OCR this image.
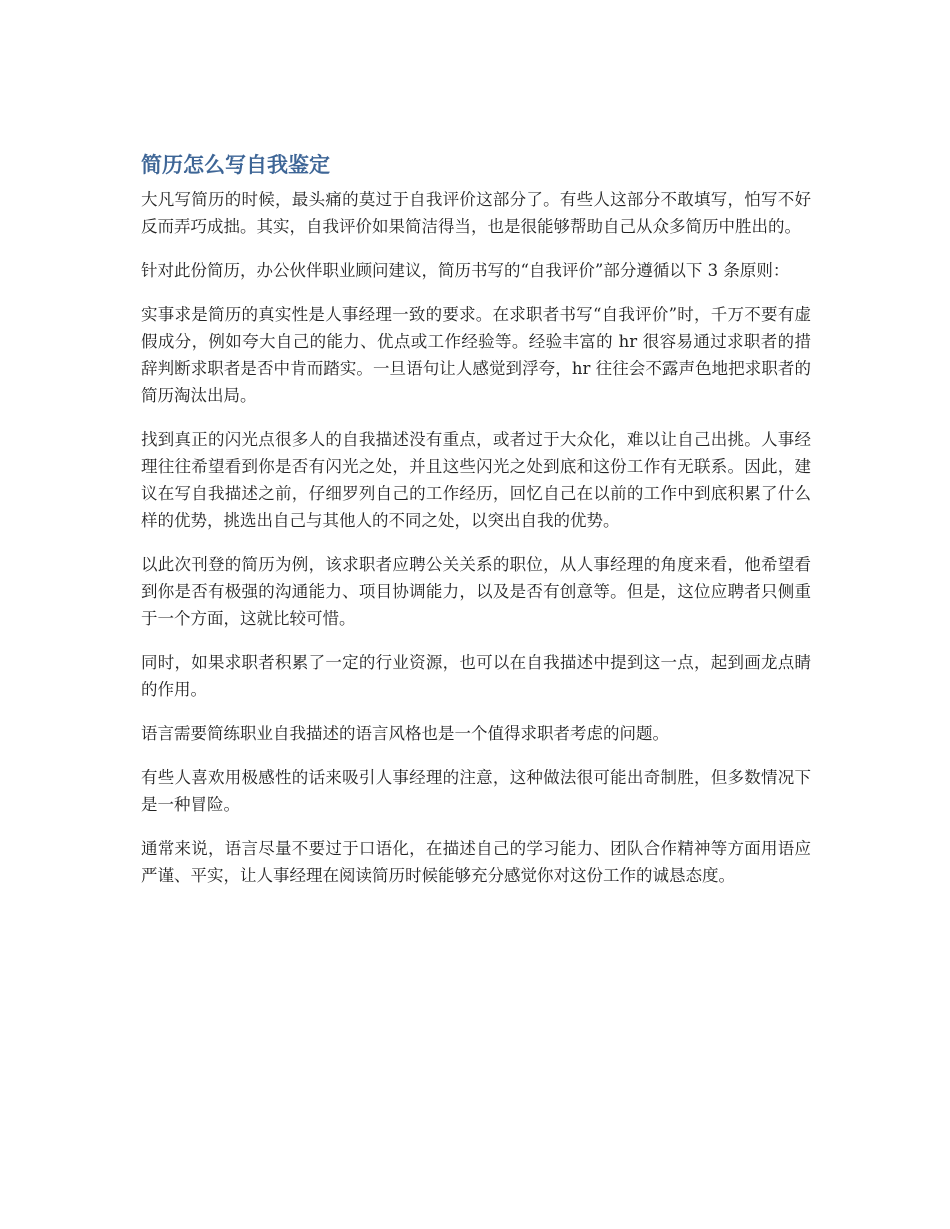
简历怎么写自我鉴定

大凡写简历的时候，最头痛的莫过于自我评价这部分了。有些人这部分不敢填写，怕写不好反而弄巧成拙。其实，自我评价如果简洁得当，也是很能够帮助自己从众多简历中胜出的。

针对此份简历，办公伙伴职业顾问建议，简历书写的“自我评价”部分遵循以下 3 条原则：

实事求是简历的真实性是人事经理一致的要求。在求职者书写“自我评价”时，千万不要有虚假成分，例如夸大自己的能力、优点或工作经验等。经验丰富的 hr 很容易通过求职者的措辞判断求职者是否中肯而踏实。一旦语句让人感觉到浮夸，hr 往往会不露声色地把求职者的简历淘汰出局。

找到真正的闪光点很多人的自我描述没有重点，或者过于大众化，难以让自己出挑。人事经理往往希望看到你是否有闪光之处，并且这些闪光之处到底和这份工作有无联系。因此，建议在写自我描述之前，仔细罗列自己的工作经历，回忆自己在以前的工作中到底积累了什么样的优势，挑选出自己与其他人的不同之处，以突出自我的优势。

以此次刊登的简历为例，该求职者应聘公关关系的职位，从人事经理的角度来看，他希望看到你是否有极强的沟通能力、项目协调能力，以及是否有创意等。但是，这位应聘者只侧重于一个方面，这就比较可惜。

同时，如果求职者积累了一定的行业资源，也可以在自我描述中提到这一点，起到画龙点睛的作用。

语言需要简练职业自我描述的语言风格也是一个值得求职者考虑的问题。

有些人喜欢用极感性的话来吸引人事经理的注意，这种做法很可能出奇制胜，但多数情况下是一种冒险。

通常来说，语言尽量不要过于口语化，在描述自己的学习能力、团队合作精神等方面用语应严谨、平实，让人事经理在阅读简历时候能够充分感觉你对这份工作的诚恳态度。
